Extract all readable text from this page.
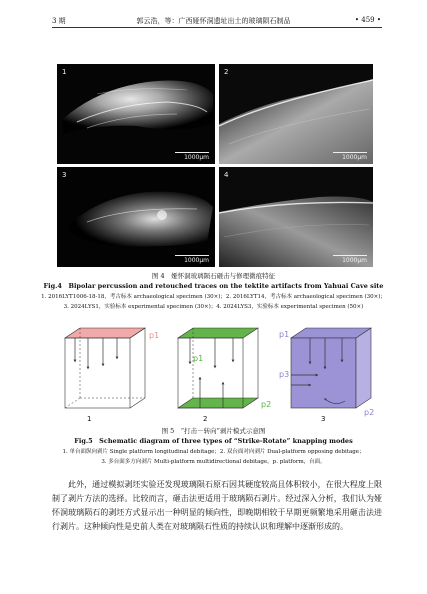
3 期	郭云浩，等：广西娅怀洞遗址出土的玻璃陨石制品	• 459 •
1
1000μm
2
1000μm
3
1000μm
4
1000μm
图 4　娅怀洞玻璃陨石砸击与修理微痕特征
Fig.4　Bipolar percussion and retouched traces on the tektite artifacts from Yahuai Cave site
1. 2016LYT1006-18-18，考古标本 archaeological specimen (30×)；2. 2016LYT14，考古标本 archaeological specimen (30×)；
3. 2024LYS1，实验标本 experimental specimen (30×)；4. 2024LYS3，实验标本 experimental specimen (50×)
p1
p1
p2
p1
p3
p2
1	2	3
图 5　“打击－转向”剥片模式示意图
Fig.5　Schematic diagram of three types of “Strike-Rotate” knapping modes
1. 单台面纵向剥片 Single platform longitudinal debitage；2. 双台面对向剥片 Dual-platform opposing debitage；
3. 多台面多方向剥片 Multi-platform multidirectional debitage，p. platform，台面。
此外，通过模拟剥坯实验还发现玻璃陨石原石因其硬度较高且体积较小，在很大程度上限制了剥片方法的选择。比较而言，砸击法更适用于玻璃陨石剥片。经过深入分析，我们认为娅怀洞玻璃陨石的剥坯方式显示出一种明显的倾向性，即晚期相较于早期更频繁地采用砸击法进行剥片。这种倾向性是史前人类在对玻璃陨石性质的持续认识和理解中逐渐形成的。
